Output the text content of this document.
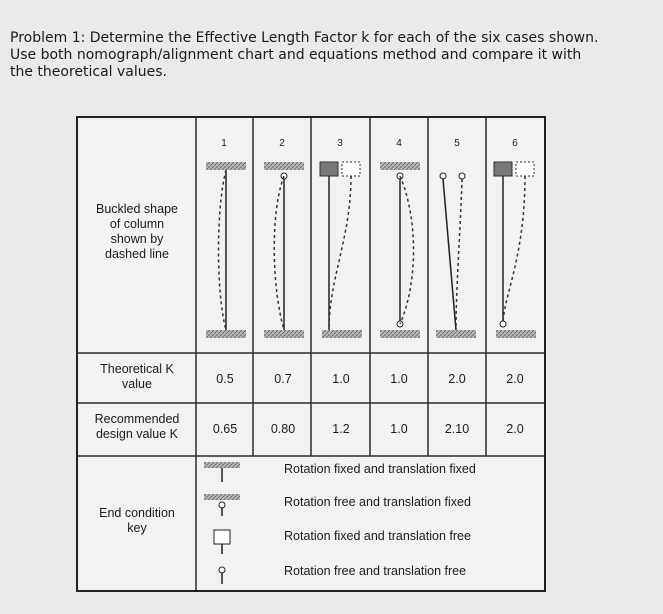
Problem 1: Determine the Effective Length Factor k for each of the six cases shown.

Use both nomograph/alignment chart and equations method and compare it with

the theoretical values.

1	2	3	4	5	6
Buckled shape
of column
shown by
dashed line
Theoretical K
value	0.5	0.7	1.0	1.0	2.0	2.0
Recommended
design value K	0.65	0.80	1.2	1.0	2.10	2.0
End condition
key
Rotation fixed and translation fixed
Rotation free and translation fixed
Rotation fixed and translation free
Rotation free and translation free
